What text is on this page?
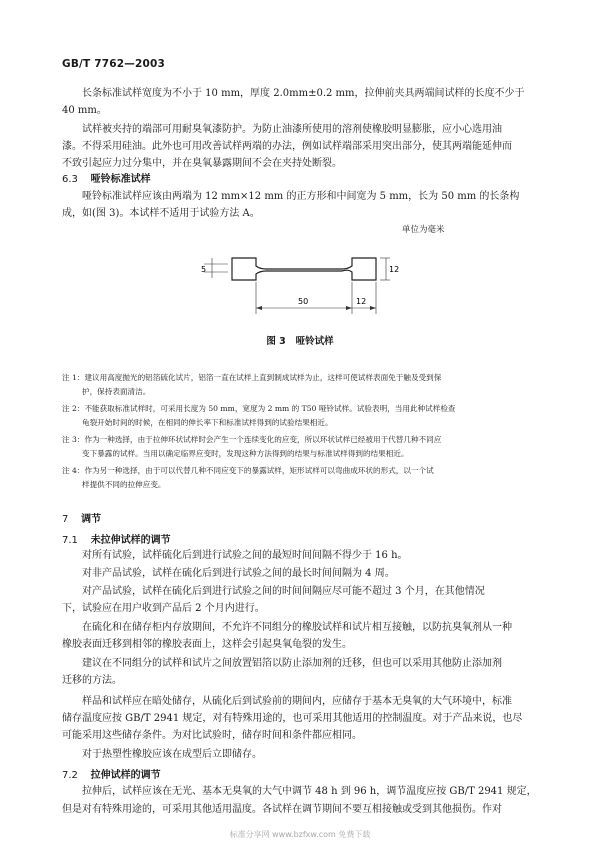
GB/T 7762—2003
长条标准试样宽度为不小于 10 mm，厚度 2.0mm±0.2 mm，拉伸前夹具两端间试样的长度不少于
40 mm。
试样被夹持的端部可用耐臭氧漆防护。为防止油漆所使用的溶剂使橡胶明显膨胀，应小心选用油
漆。不得采用硅油。此外也可用改善试样两端的办法，例如试样端部采用突出部分，使其两端能延伸而
不致引起应力过分集中，并在臭氧暴露期间不会在夹持处断裂。
6.3 哑铃标准试样
哑铃标准试样应该由两端为 12 mm×12 mm 的正方形和中间宽为 5 mm，长为 50 mm 的长条构
成，如(图 3)。本试样不适用于试验方法 A。
单位为毫米
5	12
50	12
图 3 哑铃试样
注 1：建议用高度抛光的铝箔硫化试片，铝箔一直在试样上直到制成试样为止，这样可使试样表面免于触及受到保
护，保持表面清洁。
注 2：不能获取标准试样时，可采用长度为 50 mm，宽度为 2 mm 的 T50 哑铃试样。试验表明，当用此种试样检查
龟裂开始时间的时候，在相同的伸长率下和标准试样得到的试验结果相近。
注 3：作为一种选择，由于拉伸环状试样时会产生一个连续变化的应变，所以环状试样已经被用于代替几种不同应
变下暴露的试样。当用以确定临界应变时，发现这种方法得到的结果与标准试样得到的结果相近。
注 4：作为另一种选择，由于可以代替几种不同应变下的暴露试样，矩形试样可以弯曲成环状的形式，以一个试
样提供不同的拉伸应变。
7 调节
7.1 未拉伸试样的调节
对所有试验，试样硫化后到进行试验之间的最短时间间隔不得少于 16 h。
对非产品试验，试样在硫化后到进行试验之间的最长时间间隔为 4 周。
对产品试验，试样在硫化后到进行试验之间的时间间隔应尽可能不超过 3 个月，在其他情况
下，试验应在用户收到产品后 2 个月内进行。
在硫化和在储存柜内存放期间，不允许不同组分的橡胶试样和试片相互接触，以防抗臭氧剂从一种
橡胶表面迁移到相邻的橡胶表面上，这样会引起臭氧龟裂的发生。
建议在不同组分的试样和试片之间放置铝箔以防止添加剂的迁移，但也可以采用其他防止添加剂
迁移的方法。
样品和试样应在暗处储存，从硫化后到试验前的期间内，应储存于基本无臭氧的大气环境中，标准
储存温度应按 GB/T 2941 规定，对有特殊用途的，也可采用其他适用的控制温度。对于产品来说，也尽
可能采用这些储存条件。为对比试验时，储存时间和条件都应相同。
对于热塑性橡胶应该在成型后立即储存。
7.2 拉伸试样的调节
拉伸后，试样应该在无光、基本无臭氧的大气中调节 48 h 到 96 h，调节温度应按 GB/T 2941 规定，
但是对有特殊用途的，可采用其他适用温度。各试样在调节期间不要互相接触或受到其他损伤。作对
标准分享网 www.bzfxw.com 免费下载
